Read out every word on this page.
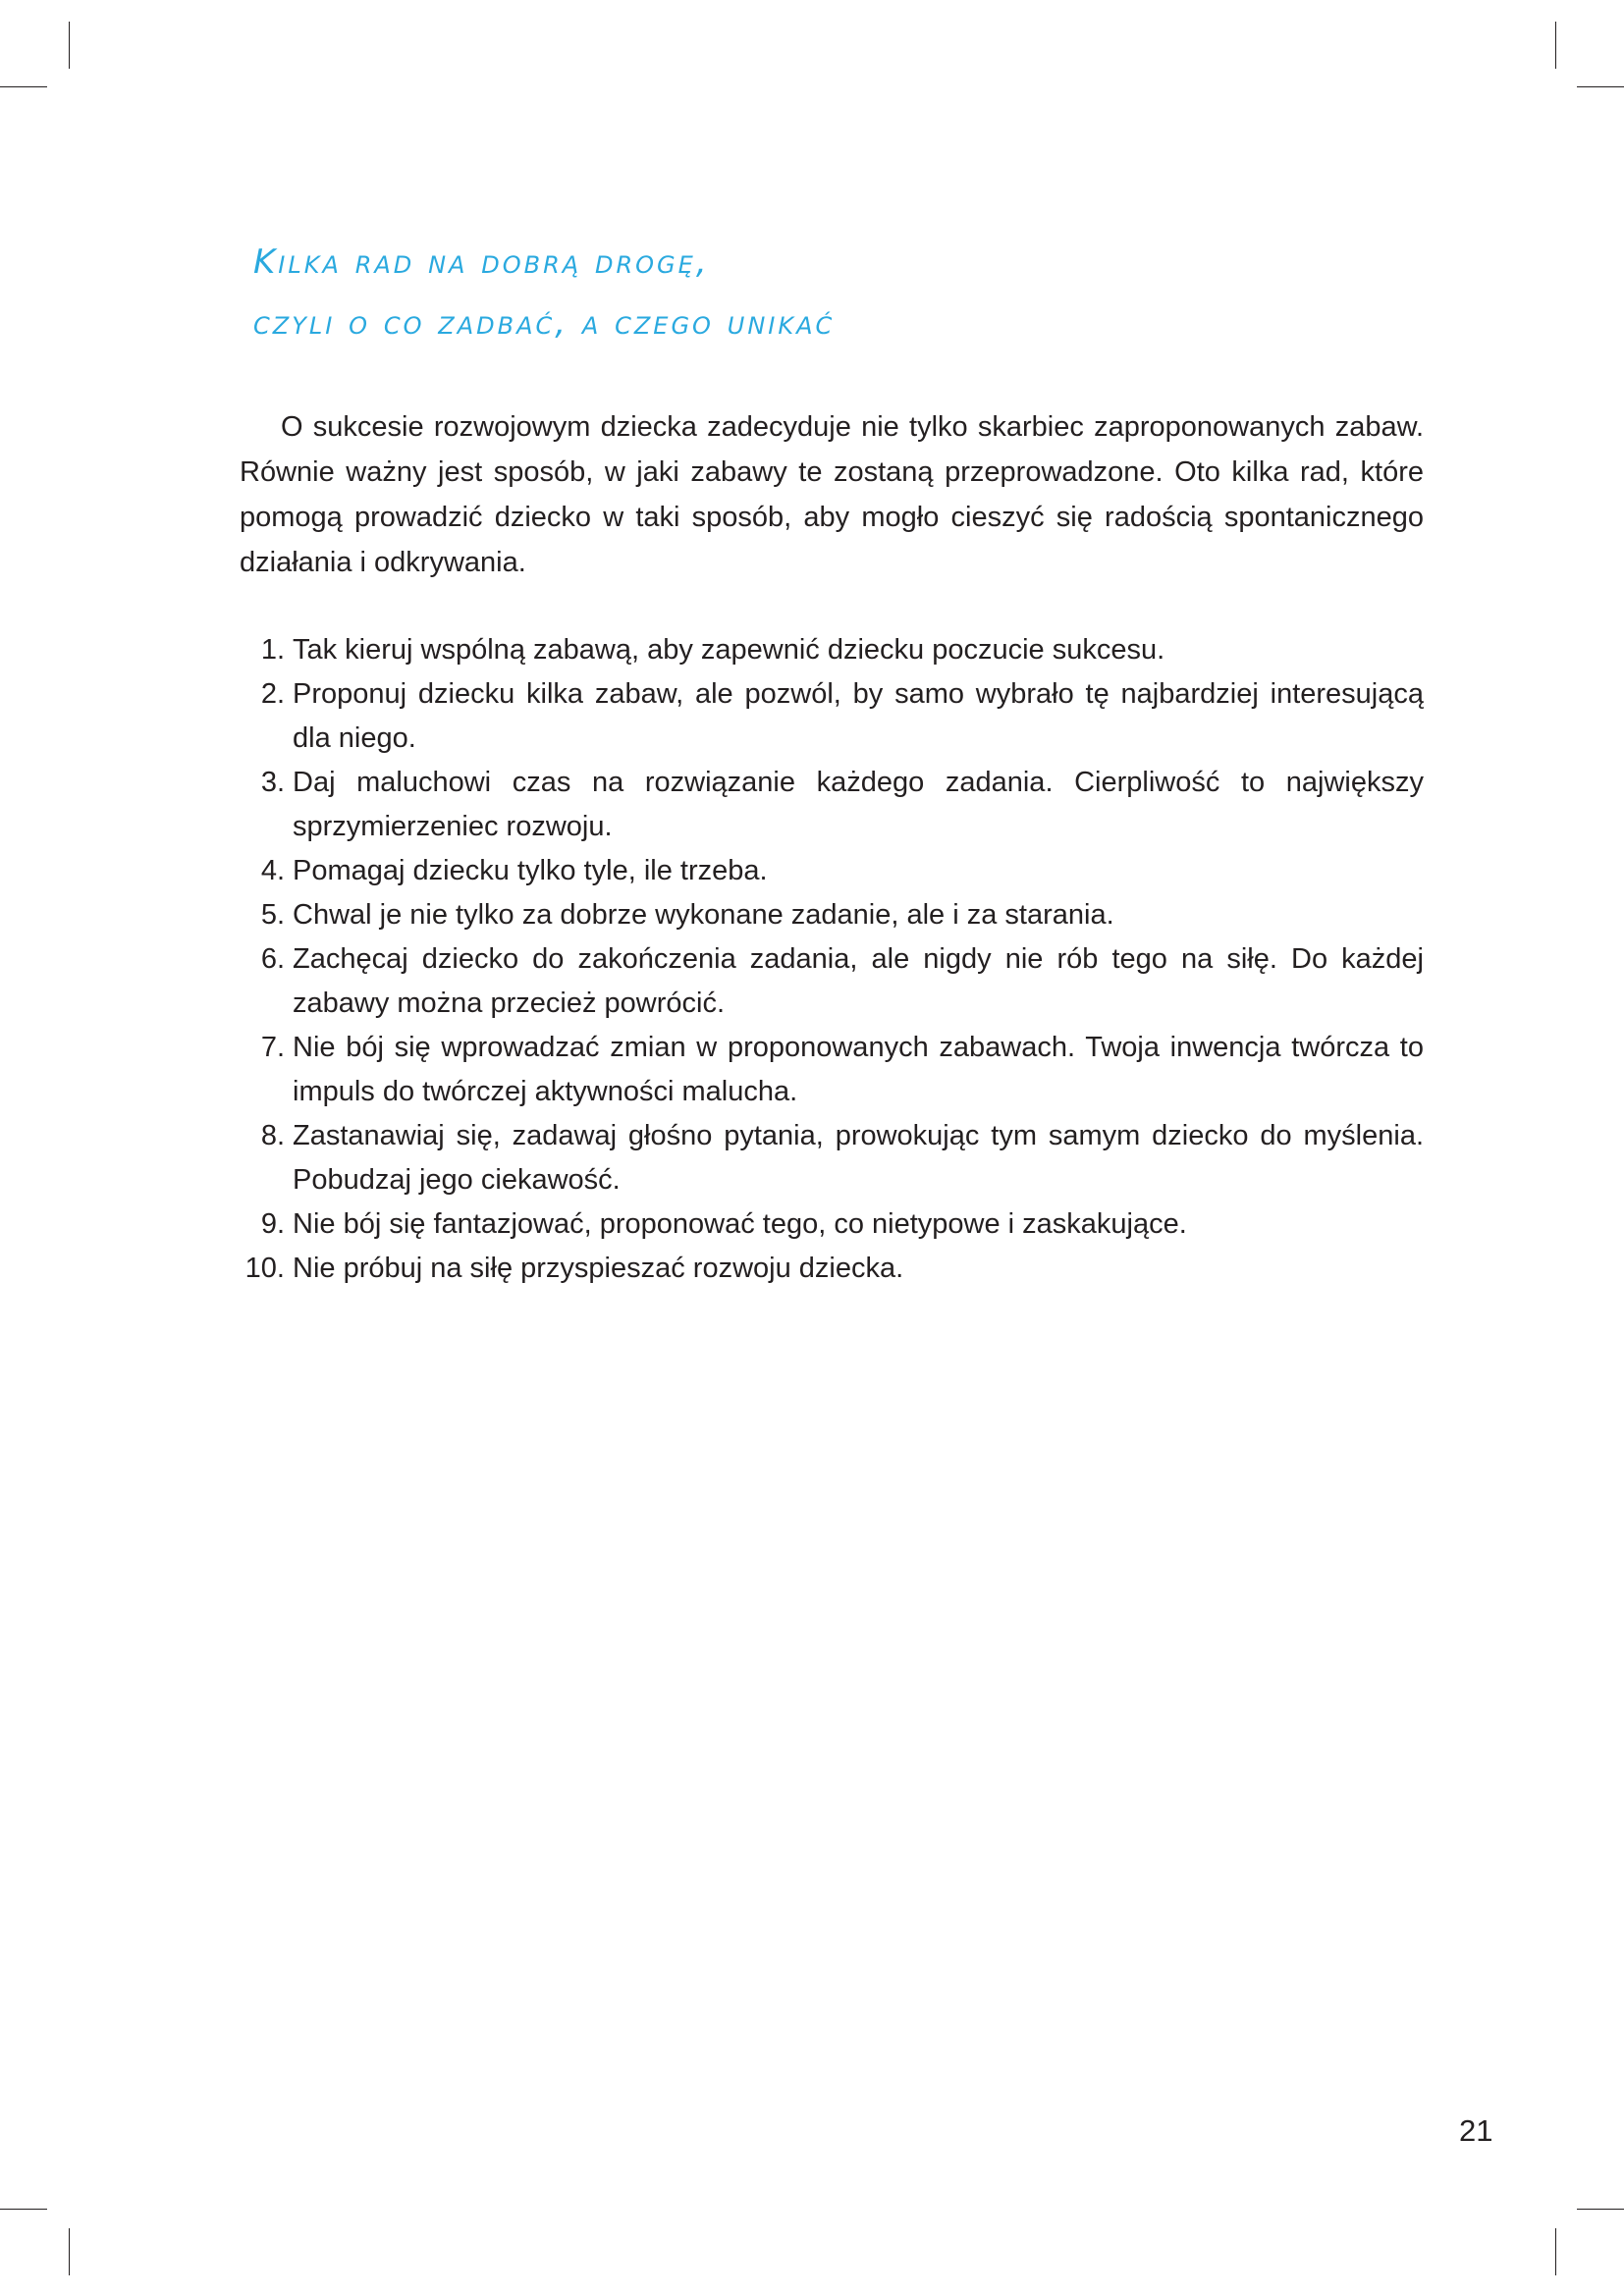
Kilka rad na dobrą drogę,
czyli o co zadbać, a czego unikać

O sukcesie rozwojowym dziecka zadecyduje nie tylko skarbiec zaproponowanych zabaw. Równie ważny jest sposób, w jaki zabawy te zostaną przeprowadzone. Oto kilka rad, które pomogą prowadzić dziecko w taki sposób, aby mogło cieszyć się radością spontanicznego działania i odkrywania.

1. Tak kieruj wspólną zabawą, aby zapewnić dziecku poczucie sukcesu.
2. Proponuj dziecku kilka zabaw, ale pozwól, by samo wybrało tę najbardziej interesującą dla niego.
3. Daj maluchowi czas na rozwiązanie każdego zadania. Cierpliwość to największy sprzymierzeniec rozwoju.
4. Pomagaj dziecku tylko tyle, ile trzeba.
5. Chwal je nie tylko za dobrze wykonane zadanie, ale i za starania.
6. Zachęcaj dziecko do zakończenia zadania, ale nigdy nie rób tego na siłę. Do każdej zabawy można przecież powrócić.
7. Nie bój się wprowadzać zmian w proponowanych zabawach. Twoja inwencja twórcza to impuls do twórczej aktywności malucha.
8. Zastanawiaj się, zadawaj głośno pytania, prowokując tym samym dziecko do myślenia. Pobudzaj jego ciekawość.
9. Nie bój się fantazjować, proponować tego, co nietypowe i zaskakujące.
10. Nie próbuj na siłę przyspieszać rozwoju dziecka.
21
